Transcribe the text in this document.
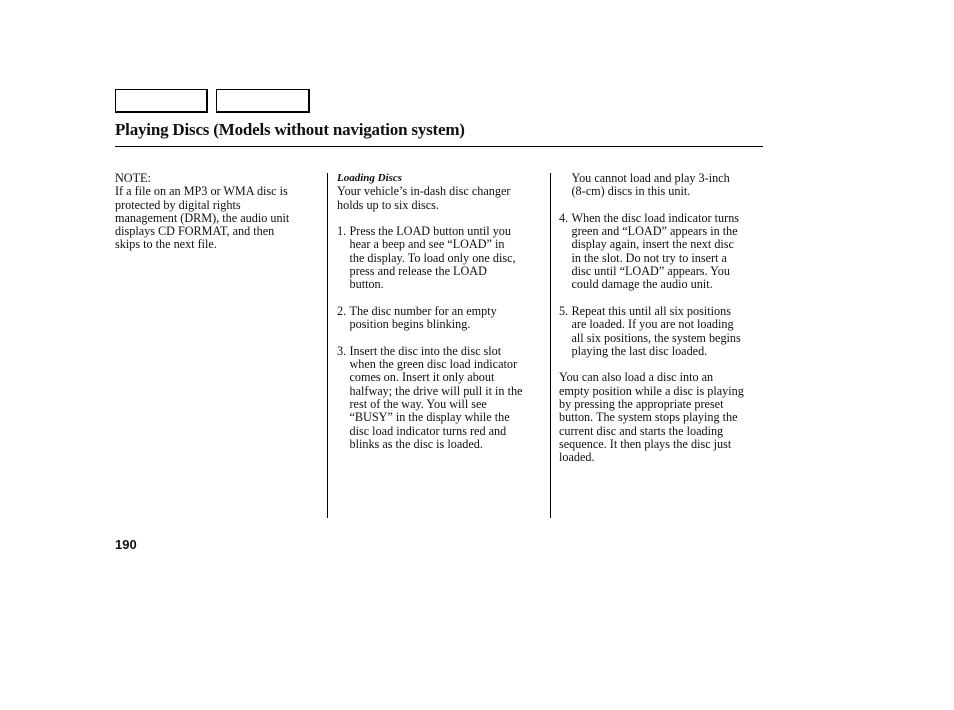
Playing Discs (Models without navigation system)

NOTE:

If a file on an MP3 or WMA disc is

protected by digital rights

management (DRM), the audio unit

displays CD FORMAT, and then

skips to the next file.

Loading Discs

Your vehicle’s in-dash disc changer

holds up to six discs.

1. Press the LOAD button until you

hear a beep and see “LOAD” in

the display. To load only one disc,

press and release the LOAD

button.

2. The disc number for an empty

position begins blinking.

3. Insert the disc into the disc slot

when the green disc load indicator

comes on. Insert it only about

halfway; the drive will pull it in the

rest of the way. You will see

“BUSY” in the display while the

disc load indicator turns red and

blinks as the disc is loaded.

You cannot load and play 3-inch

(8-cm) discs in this unit.

4. When the disc load indicator turns

green and “LOAD” appears in the

display again, insert the next disc

in the slot. Do not try to insert a

disc until “LOAD” appears. You

could damage the audio unit.

5. Repeat this until all six positions

are loaded. If you are not loading

all six positions, the system begins

playing the last disc loaded.

You can also load a disc into an

empty position while a disc is playing

by pressing the appropriate preset

button. The system stops playing the

current disc and starts the loading

sequence. It then plays the disc just

loaded.

190
